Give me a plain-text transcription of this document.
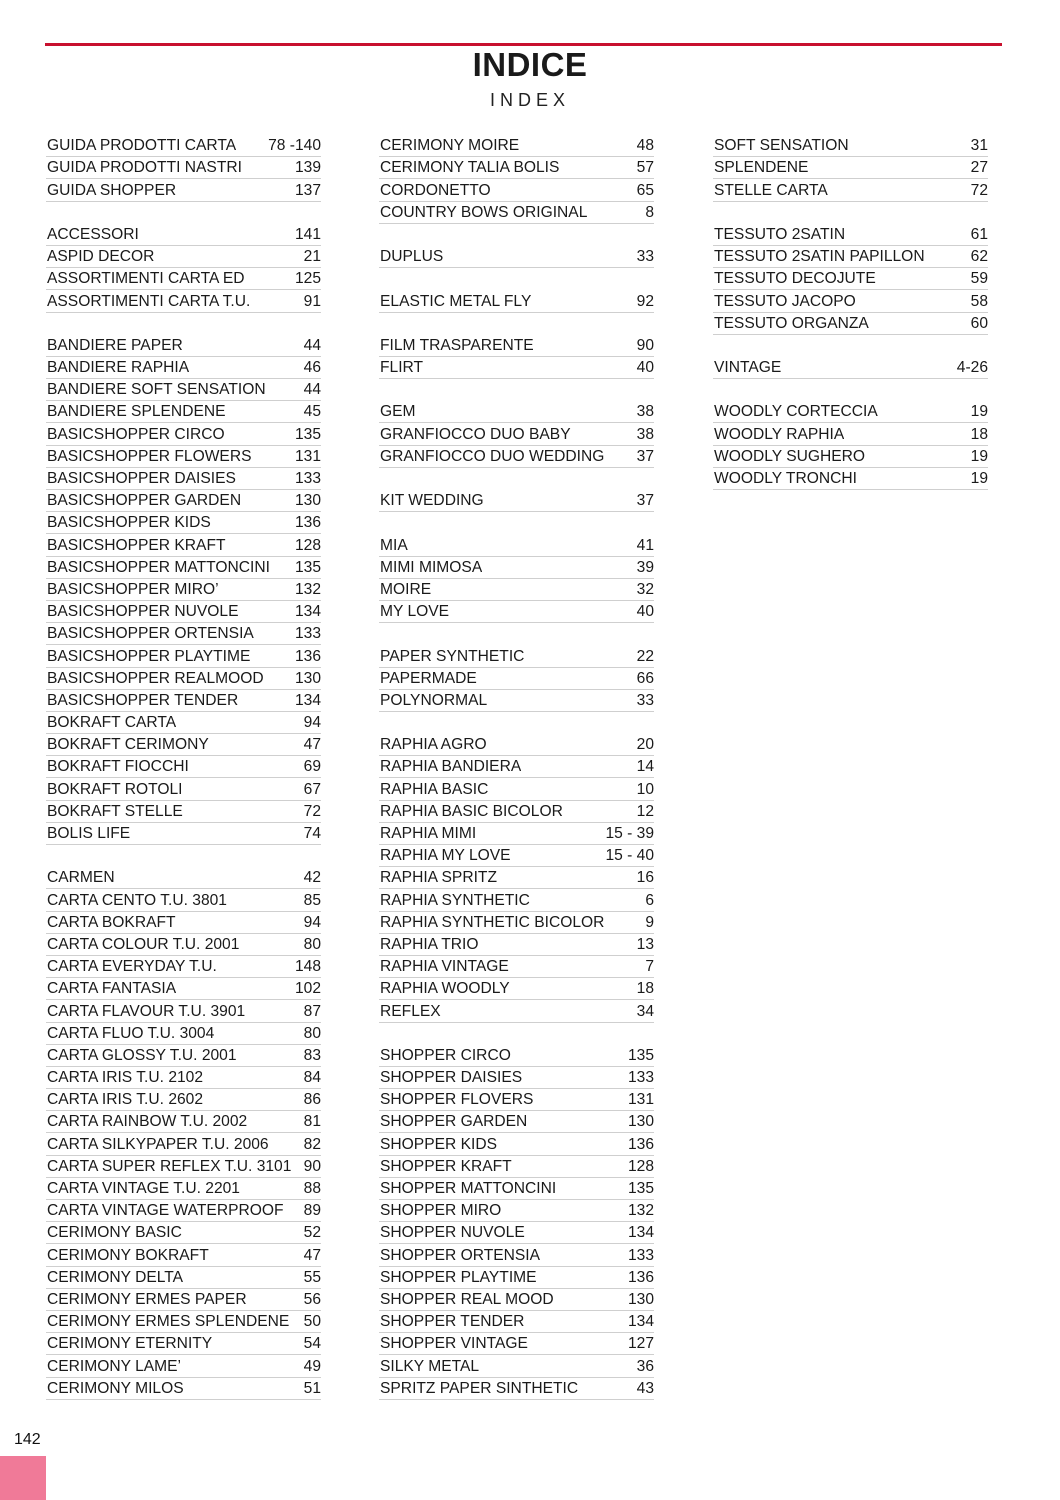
INDICE
INDEX
GUIDA PRODOTTI CARTA	78 -140
GUIDA PRODOTTI NASTRI	139
GUIDA SHOPPER	137
ACCESSORI	141
ASPID DECOR	21
ASSORTIMENTI CARTA ED	125
ASSORTIMENTI CARTA T.U.	91
BANDIERE PAPER	44
BANDIERE RAPHIA	46
BANDIERE SOFT SENSATION	44
BANDIERE SPLENDENE	45
BASICSHOPPER CIRCO	135
BASICSHOPPER FLOWERS	131
BASICSHOPPER DAISIES	133
BASICSHOPPER GARDEN	130
BASICSHOPPER KIDS	136
BASICSHOPPER KRAFT	128
BASICSHOPPER MATTONCINI	135
BASICSHOPPER MIRO’	132
BASICSHOPPER NUVOLE	134
BASICSHOPPER ORTENSIA	133
BASICSHOPPER PLAYTIME	136
BASICSHOPPER REALMOOD	130
BASICSHOPPER TENDER	134
BOKRAFT CARTA	94
BOKRAFT CERIMONY	47
BOKRAFT FIOCCHI	69
BOKRAFT ROTOLI	67
BOKRAFT STELLE	72
BOLIS LIFE	74
CARMEN	42
CARTA CENTO T.U. 3801	85
CARTA BOKRAFT	94
CARTA COLOUR T.U. 2001	80
CARTA EVERYDAY T.U.	148
CARTA FANTASIA	102
CARTA FLAVOUR T.U. 3901	87
CARTA FLUO T.U. 3004	80
CARTA GLOSSY T.U. 2001	83
CARTA IRIS T.U. 2102	84
CARTA IRIS T.U. 2602	86
CARTA RAINBOW T.U. 2002	81
CARTA SILKYPAPER T.U. 2006	82
CARTA SUPER REFLEX T.U. 3101 90
CARTA VINTAGE T.U. 2201	88
CARTA VINTAGE WATERPROOF	89
CERIMONY BASIC	52
CERIMONY BOKRAFT	47
CERIMONY DELTA	55
CERIMONY ERMES PAPER	56
CERIMONY ERMES SPLENDENE 50
CERIMONY ETERNITY	54
CERIMONY LAME’	49
CERIMONY MILOS	51
CERIMONY MOIRE	48
CERIMONY TALIA BOLIS	57
CORDONETTO	65
COUNTRY BOWS ORIGINAL	8
DUPLUS	33
ELASTIC METAL FLY	92
FILM TRASPARENTE	90
FLIRT	40
GEM	38
GRANFIOCCO DUO BABY	38
GRANFIOCCO DUO WEDDING	37
KIT WEDDING	37
MIA	41
MIMI MIMOSA	39
MOIRE	32
MY LOVE	40
PAPER SYNTHETIC	22
PAPERMADE	66
POLYNORMAL	33
RAPHIA AGRO	20
RAPHIA BANDIERA	14
RAPHIA BASIC	10
RAPHIA BASIC BICOLOR	12
RAPHIA MIMI	15 - 39
RAPHIA MY LOVE	15 - 40
RAPHIA SPRITZ	16
RAPHIA SYNTHETIC	6
RAPHIA SYNTHETIC BICOLOR	9
RAPHIA TRIO	13
RAPHIA VINTAGE	7
RAPHIA WOODLY	18
REFLEX	34
SHOPPER CIRCO	135
SHOPPER DAISIES	133
SHOPPER FLOVERS	131
SHOPPER GARDEN	130
SHOPPER KIDS	136
SHOPPER KRAFT	128
SHOPPER MATTONCINI	135
SHOPPER MIRO	132
SHOPPER NUVOLE	134
SHOPPER ORTENSIA	133
SHOPPER PLAYTIME	136
SHOPPER REAL MOOD	130
SHOPPER TENDER	134
SHOPPER VINTAGE	127
SILKY METAL	36
SPRITZ PAPER SINTHETIC	43
SOFT SENSATION	31
SPLENDENE	27
STELLE CARTA	72
TESSUTO 2SATIN	61
TESSUTO 2SATIN PAPILLON	62
TESSUTO DECOJUTE	59
TESSUTO JACOPO	58
TESSUTO ORGANZA	60
VINTAGE	4-26
WOODLY CORTECCIA	19
WOODLY RAPHIA	18
WOODLY SUGHERO	19
WOODLY TRONCHI	19
142
